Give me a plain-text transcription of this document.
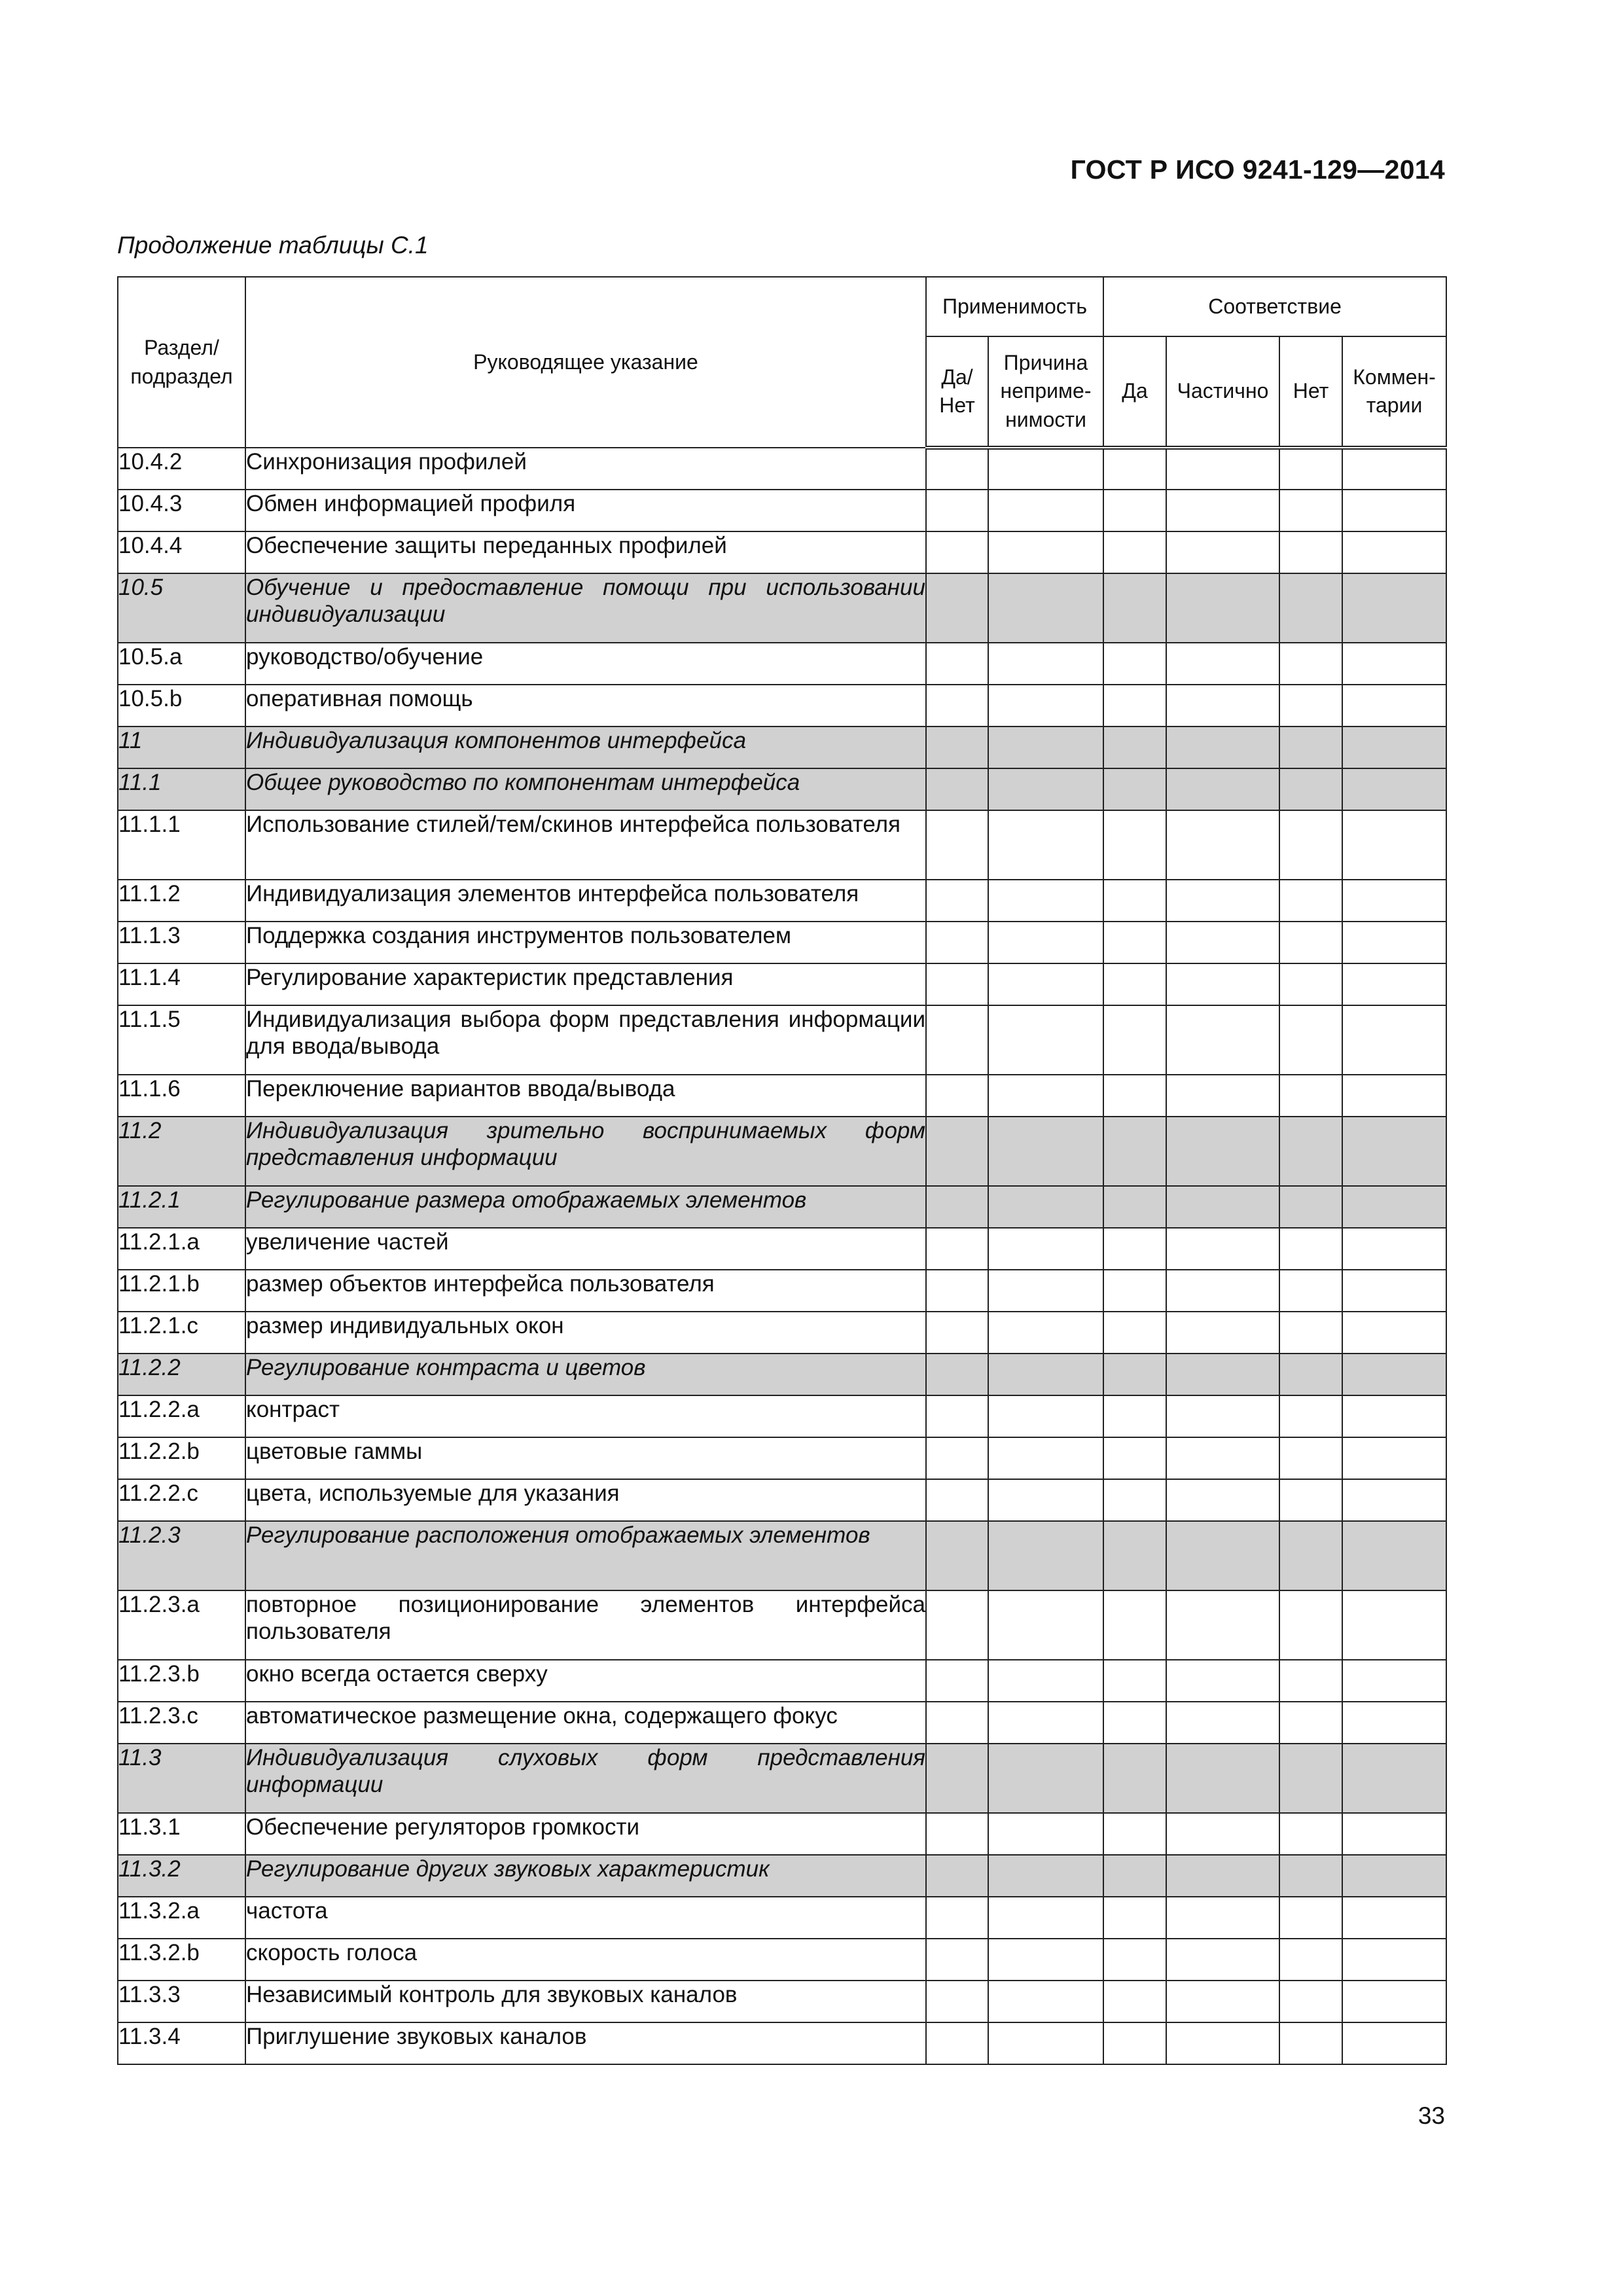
ГОСТ Р ИСО 9241-129—2014
Продолжение таблицы С.1
Раздел/ подраздел	Руководящее указание	Применимость		Соответствие			
		Да/ Нет	Причина неприме- нимости	Да	Частично	Нет	Коммен- тарии
10.4.2	Синхронизация профилей						
10.4.3	Обмен информацией профиля						
10.4.4	Обеспечение защиты переданных профилей						
10.5	Обучение и предоставление помощи при использовании индивидуализации						
10.5.a	руководство/обучение						
10.5.b	оперативная помощь						
11	Индивидуализация компонентов интерфейса						
11.1	Общее руководство по компонентам интерфейса						
11.1.1	Использование стилей/тем/скинов интерфейса пользователя						
11.1.2	Индивидуализация элементов интерфейса пользователя						
11.1.3	Поддержка создания инструментов пользователем						
11.1.4	Регулирование характеристик представления						
11.1.5	Индивидуализация выбора форм представления информации для ввода/вывода						
11.1.6	Переключение вариантов ввода/вывода						
11.2	Индивидуализация зрительно воспринимаемых форм представления информации						
11.2.1	Регулирование размера отображаемых элементов						
11.2.1.a	увеличение частей						
11.2.1.b	размер объектов интерфейса пользователя						
11.2.1.c	размер индивидуальных окон						
11.2.2	Регулирование контраста и цветов						
11.2.2.a	контраст						
11.2.2.b	цветовые гаммы						
11.2.2.c	цвета, используемые для указания						
11.2.3	Регулирование расположения отображаемых элементов						
11.2.3.a	повторное позиционирование элементов интерфейса пользователя						
11.2.3.b	окно всегда остается сверху						
11.2.3.c	автоматическое размещение окна, содержащего фокус						
11.3	Индивидуализация слуховых форм представления информации						
11.3.1	Обеспечение регуляторов громкости						
11.3.2	Регулирование других звуковых характеристик						
11.3.2.a	частота						
11.3.2.b	скорость голоса						
11.3.3	Независимый контроль для звуковых каналов						
11.3.4	Приглушение звуковых каналов						
33
